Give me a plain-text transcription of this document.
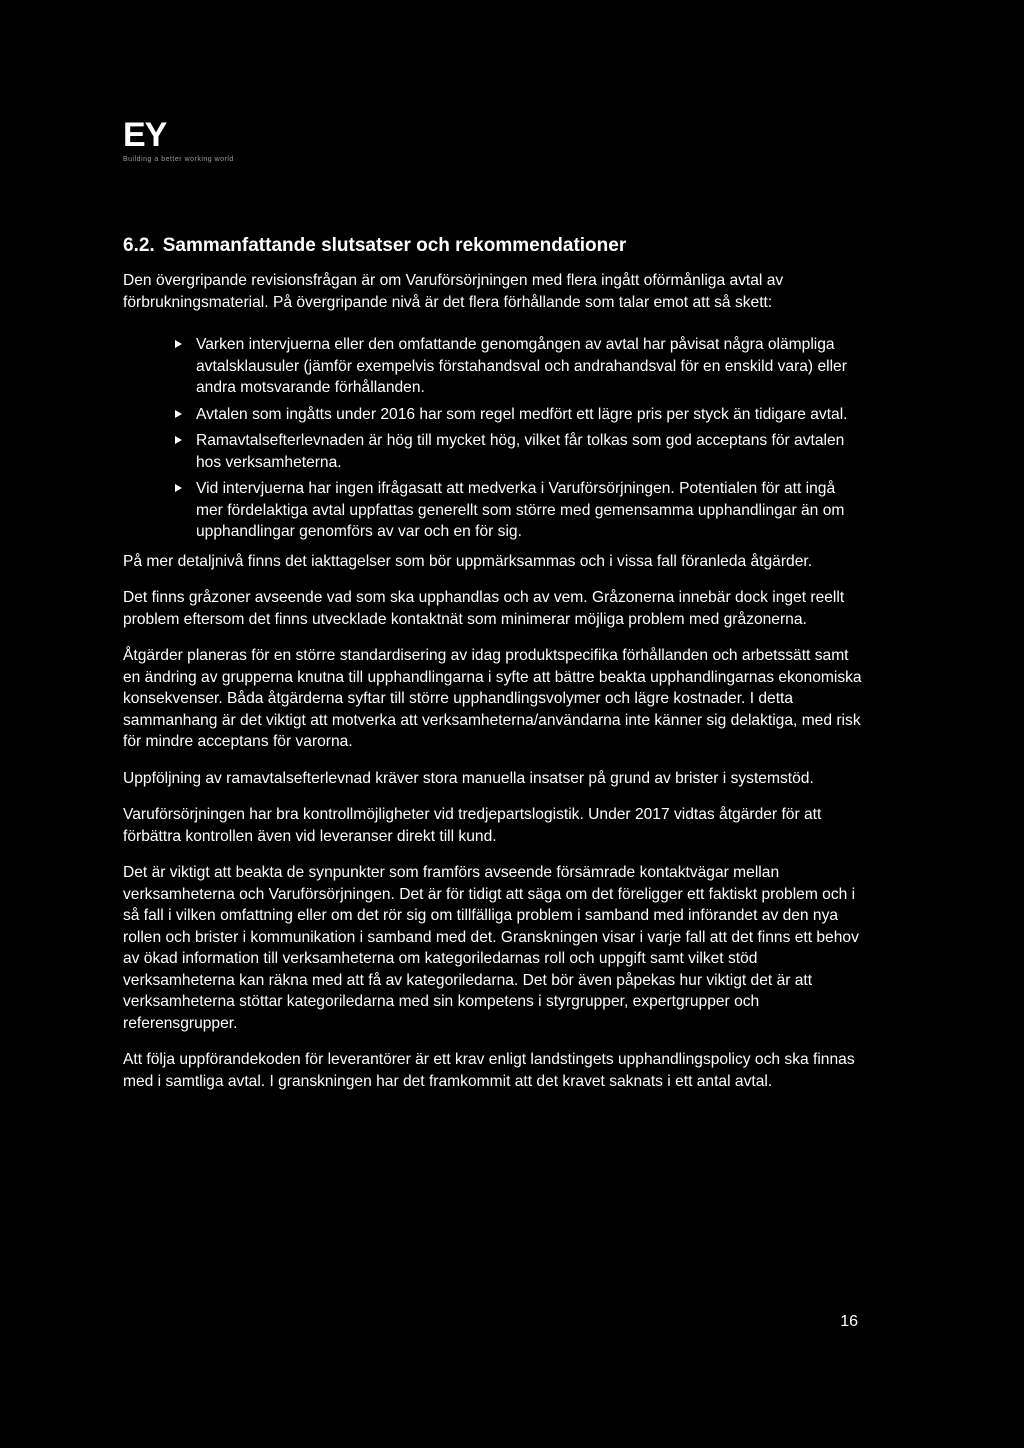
EY
Building a better working world
6.2. Sammanfattande slutsatser och rekommendationer

Den övergripande revisionsfrågan är om Varuförsörjningen med flera ingått oförmånliga avtal av förbrukningsmaterial. På övergripande nivå är det flera förhållande som talar emot att så skett:

Varken intervjuerna eller den omfattande genomgången av avtal har påvisat några olämpliga avtalsklausuler (jämför exempelvis förstahandsval och andrahandsval för en enskild vara) eller andra motsvarande förhållanden.
Avtalen som ingåtts under 2016 har som regel medfört ett lägre pris per styck än tidigare avtal.
Ramavtalsefterlevnaden är hög till mycket hög, vilket får tolkas som god acceptans för avtalen hos verksamheterna.
Vid intervjuerna har ingen ifrågasatt att medverka i Varuförsörjningen. Potentialen för att ingå mer fördelaktiga avtal uppfattas generellt som större med gemensamma upphandlingar än om upphandlingar genomförs av var och en för sig.

På mer detaljnivå finns det iakttagelser som bör uppmärksammas och i vissa fall föranleda åtgärder.

Det finns gråzoner avseende vad som ska upphandlas och av vem. Gråzonerna innebär dock inget reellt problem eftersom det finns utvecklade kontaktnät som minimerar möjliga problem med gråzonerna.

Åtgärder planeras för en större standardisering av idag produktspecifika förhållanden och arbetssätt samt en ändring av grupperna knutna till upphandlingarna i syfte att bättre beakta upphandlingarnas ekonomiska konsekvenser. Båda åtgärderna syftar till större upphandlingsvolymer och lägre kostnader. I detta sammanhang är det viktigt att motverka att verksamheterna/användarna inte känner sig delaktiga, med risk för mindre acceptans för varorna.

Uppföljning av ramavtalsefterlevnad kräver stora manuella insatser på grund av brister i systemstöd.

Varuförsörjningen har bra kontrollmöjligheter vid tredjepartslogistik. Under 2017 vidtas åtgärder för att förbättra kontrollen även vid leveranser direkt till kund.

Det är viktigt att beakta de synpunkter som framförs avseende försämrade kontaktvägar mellan verksamheterna och Varuförsörjningen. Det är för tidigt att säga om det föreligger ett faktiskt problem och i så fall i vilken omfattning eller om det rör sig om tillfälliga problem i samband med införandet av den nya rollen och brister i kommunikation i samband med det. Granskningen visar i varje fall att det finns ett behov av ökad information till verksamheterna om kategoriledarnas roll och uppgift samt vilket stöd verksamheterna kan räkna med att få av kategoriledarna. Det bör även påpekas hur viktigt det är att verksamheterna stöttar kategoriledarna med sin kompetens i styrgrupper, expertgrupper och referensgrupper.

Att följa uppförandekoden för leverantörer är ett krav enligt landstingets upphandlingspolicy och ska finnas med i samtliga avtal. I granskningen har det framkommit att det kravet saknats i ett antal avtal.

16
